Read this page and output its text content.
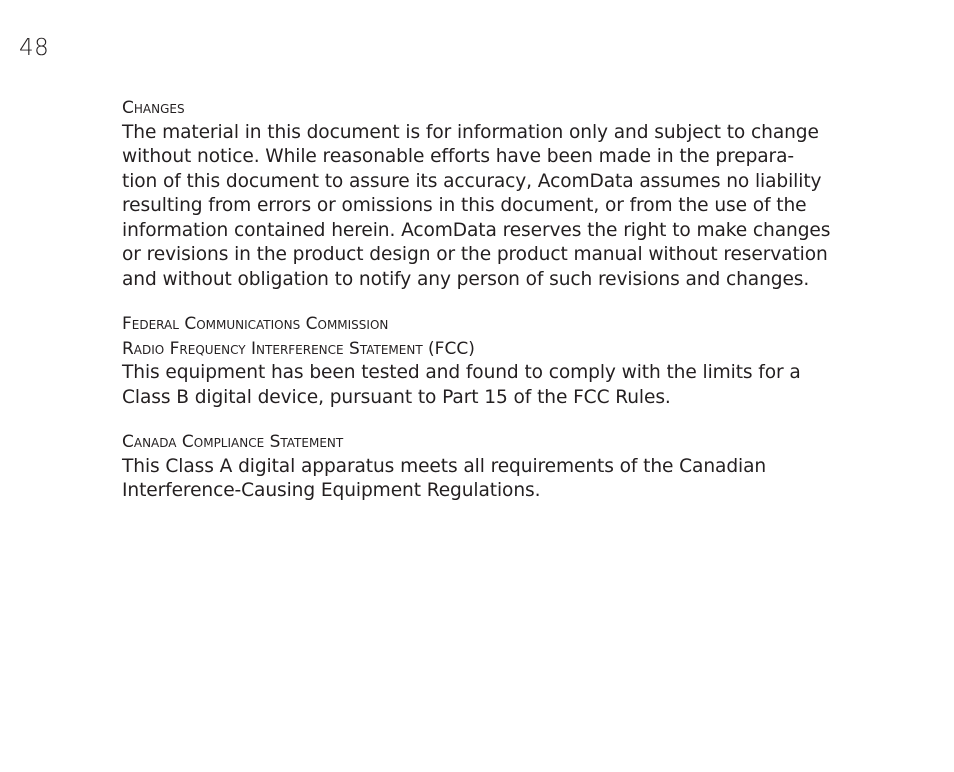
48
Changes
The material in this document is for information only and subject to change
without notice. While reasonable efforts have been made in the prepara-
tion of this document to assure its accuracy, AcomData assumes no liability
resulting from errors or omissions in this document, or from the use of the
information contained herein. AcomData reserves the right to make changes
or revisions in the product design or the product manual without reservation
and without obligation to notify any person of such revisions and changes.
Federal Communications Commission
Radio Frequency Interference Statement (FCC)
This equipment has been tested and found to comply with the limits for a
Class B digital device, pursuant to Part 15 of the FCC Rules.
Canada Compliance Statement
This Class A digital apparatus meets all requirements of the Canadian
Interference-Causing Equipment Regulations.
